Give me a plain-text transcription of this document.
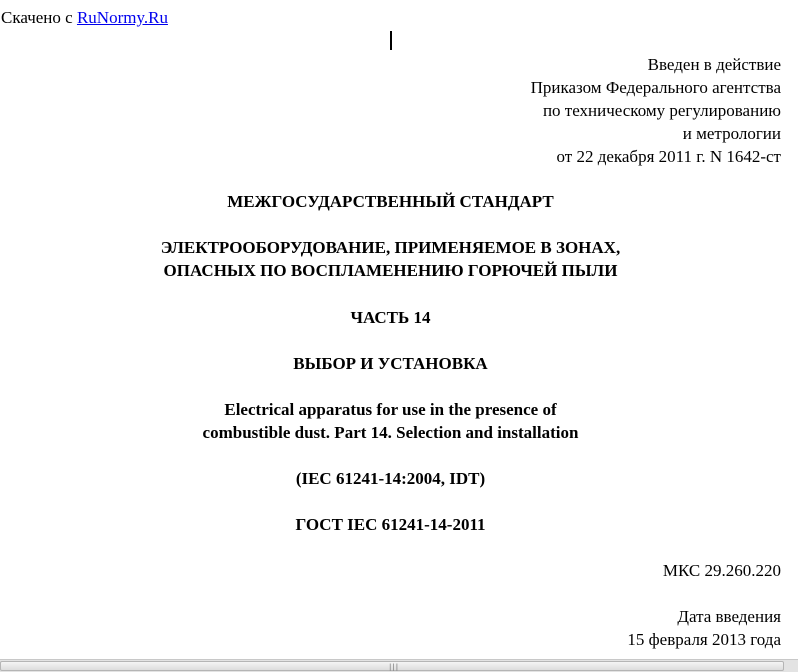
Скачено с RuNormy.Ru
Введен в действие
Приказом Федерального агентства
по техническому регулированию
и метрологии
от 22 декабря 2011 г. N 1642-ст
МЕЖГОСУДАРСТВЕННЫЙ СТАНДАРТ
ЭЛЕКТРООБОРУДОВАНИЕ, ПРИМЕНЯЕМОЕ В ЗОНАХ,
ОПАСНЫХ ПО ВОСПЛАМЕНЕНИЮ ГОРЮЧЕЙ ПЫЛИ
ЧАСТЬ 14
ВЫБОР И УСТАНОВКА
Electrical apparatus for use in the presence of
combustible dust. Part 14. Selection and installation
(IEC 61241-14:2004, IDT)
ГОСТ IEC 61241-14-2011
МКС 29.260.220
Дата введения
15 февраля 2013 года
|||
